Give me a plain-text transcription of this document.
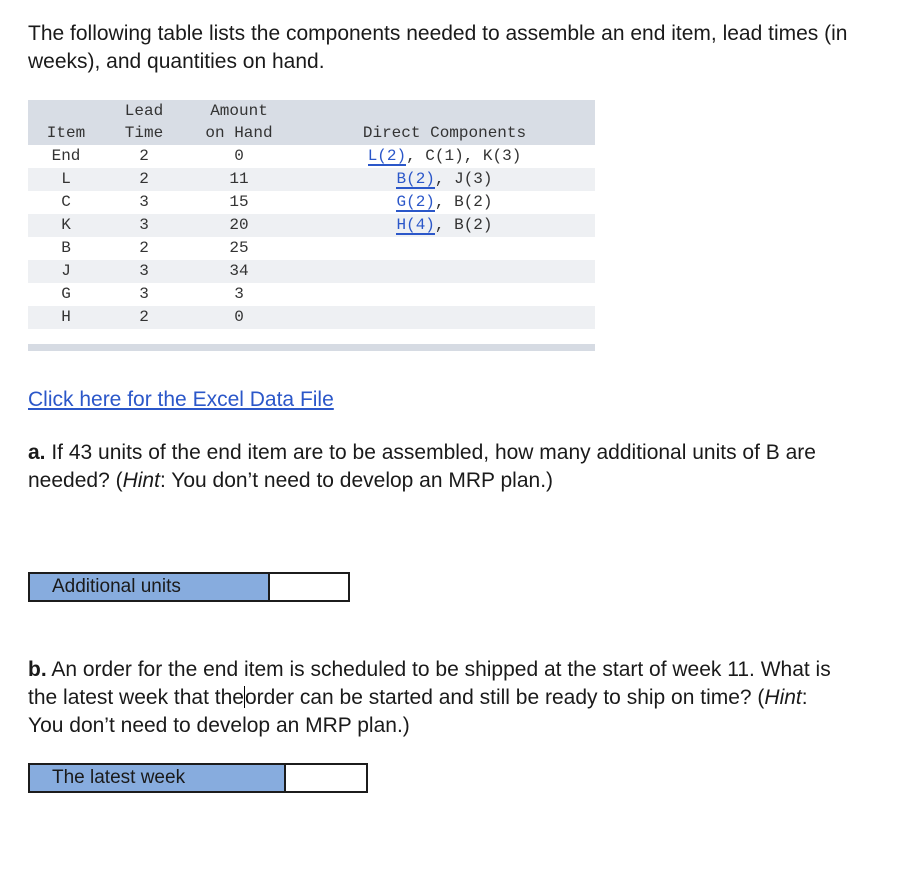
The following table lists the components needed to assemble an end item, lead times (in weeks), and quantities on hand.

	Lead	Amount	
Item	Time	on Hand	Direct Components
End	2	0	L(2), C(1), K(3)
L	2	11	B(2), J(3)
C	3	15	G(2), B(2)
K	3	20	H(4), B(2)
B	2	25	
J	3	34	
G	3	3	
H	2	0	
Click here for the Excel Data File

a. If 43 units of the end item are to be assembled, how many additional units of B are needed? (Hint: You don’t need to develop an MRP plan.)

Additional units

b. An order for the end item is scheduled to be shipped at the start of week 11. What is the latest week that theorder can be started and still be ready to ship on time? (Hint: You don’t need to develop an MRP plan.)

The latest week
